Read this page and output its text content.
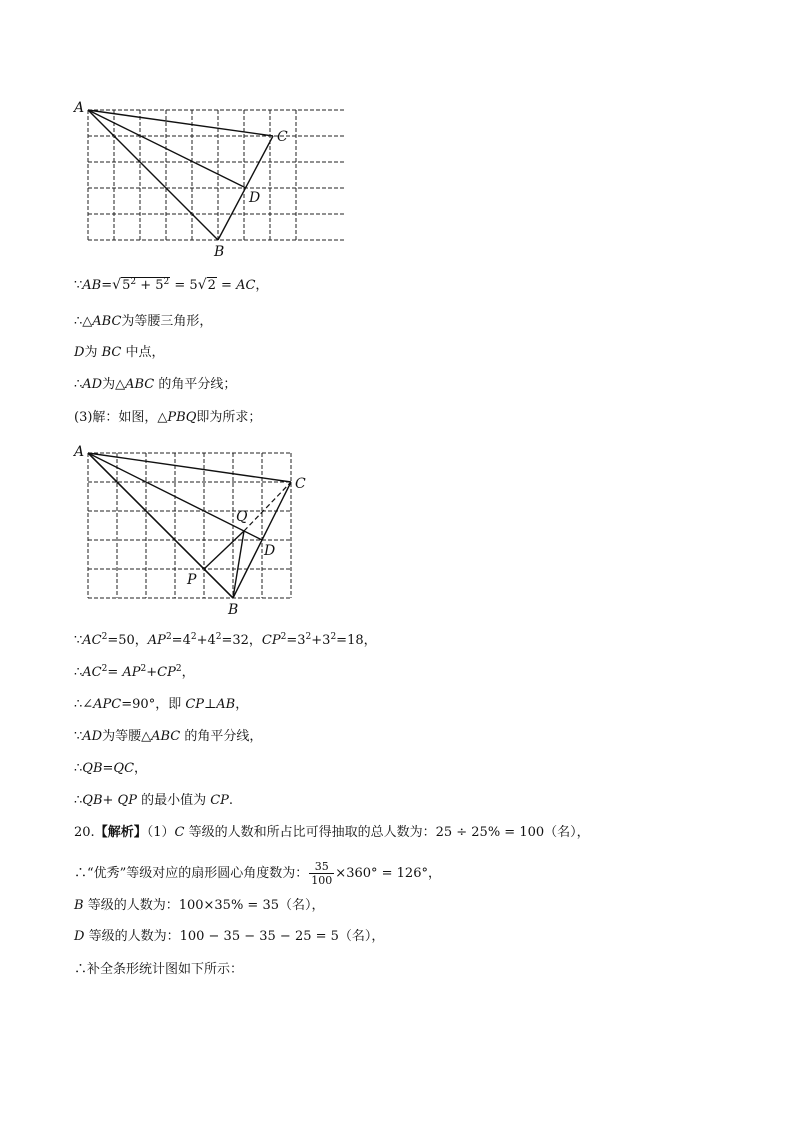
A
C
D
B
$\because AB=√5^2 + 5^2 = 5√2$ = AC，
∴△ABC为等腰三角形，
D为 BC 中点，
∴AD为△ABC 的角平分线；
(3)解：如图，△PBQ即为所求；
A
C
Q
D
P
B
$\because AC^2=50$，$AP^2=4^2+4^2=32$，$CP^2=3^2+3^2=18$，
$\therefore AC^2= AP^2+CP^2$，
∴∠APC=90°，即 CP⊥AB，
∵AD为等腰△ABC 的角平分线，
∴QB=QC，
∴QB+ QP 的最小值为 CP.
20.【解析】（1）C 等级的人数和所占比可得抽取的总人数为：25 ÷ 25% = 100（名），
∴“优秀”等级对应的扇形圆心角度数为： $\frac{35}{100} \times 360^\circ = 126^\circ$，
B 等级的人数为：100×35% = 35（名），
D 等级的人数为：100 − 35 − 35 − 25 = 5（名），
∴补全条形统计图如下所示：
